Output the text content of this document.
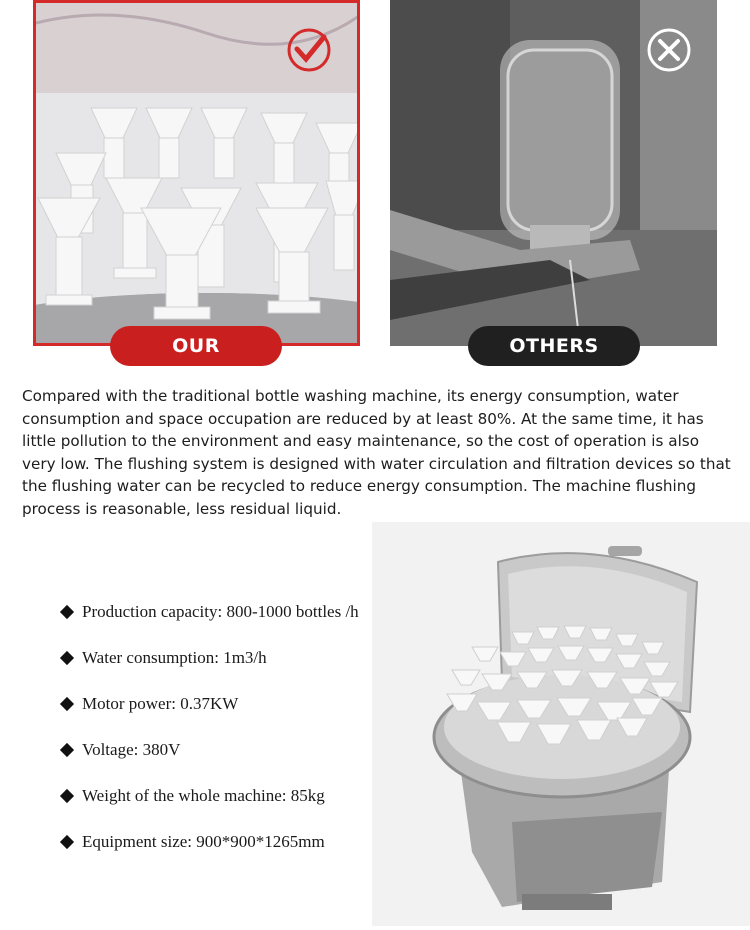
OUR	OTHERS

Compared with the traditional bottle washing machine, its energy consumption, water consumption and space occupation are reduced by at least 80%. At the same time, it has little pollution to the environment and easy maintenance, so the cost of operation is also very low. The flushing system is designed with water circulation and filtration devices so that the flushing water can be recycled to reduce energy consumption. The machine flushing process is reasonable, less residual liquid.

Production capacity: 800-1000 bottles /h
Water consumption: 1m3/h
Motor power: 0.37KW
Voltage: 380V
Weight of the whole machine: 85kg
Equipment size: 900*900*1265mm
